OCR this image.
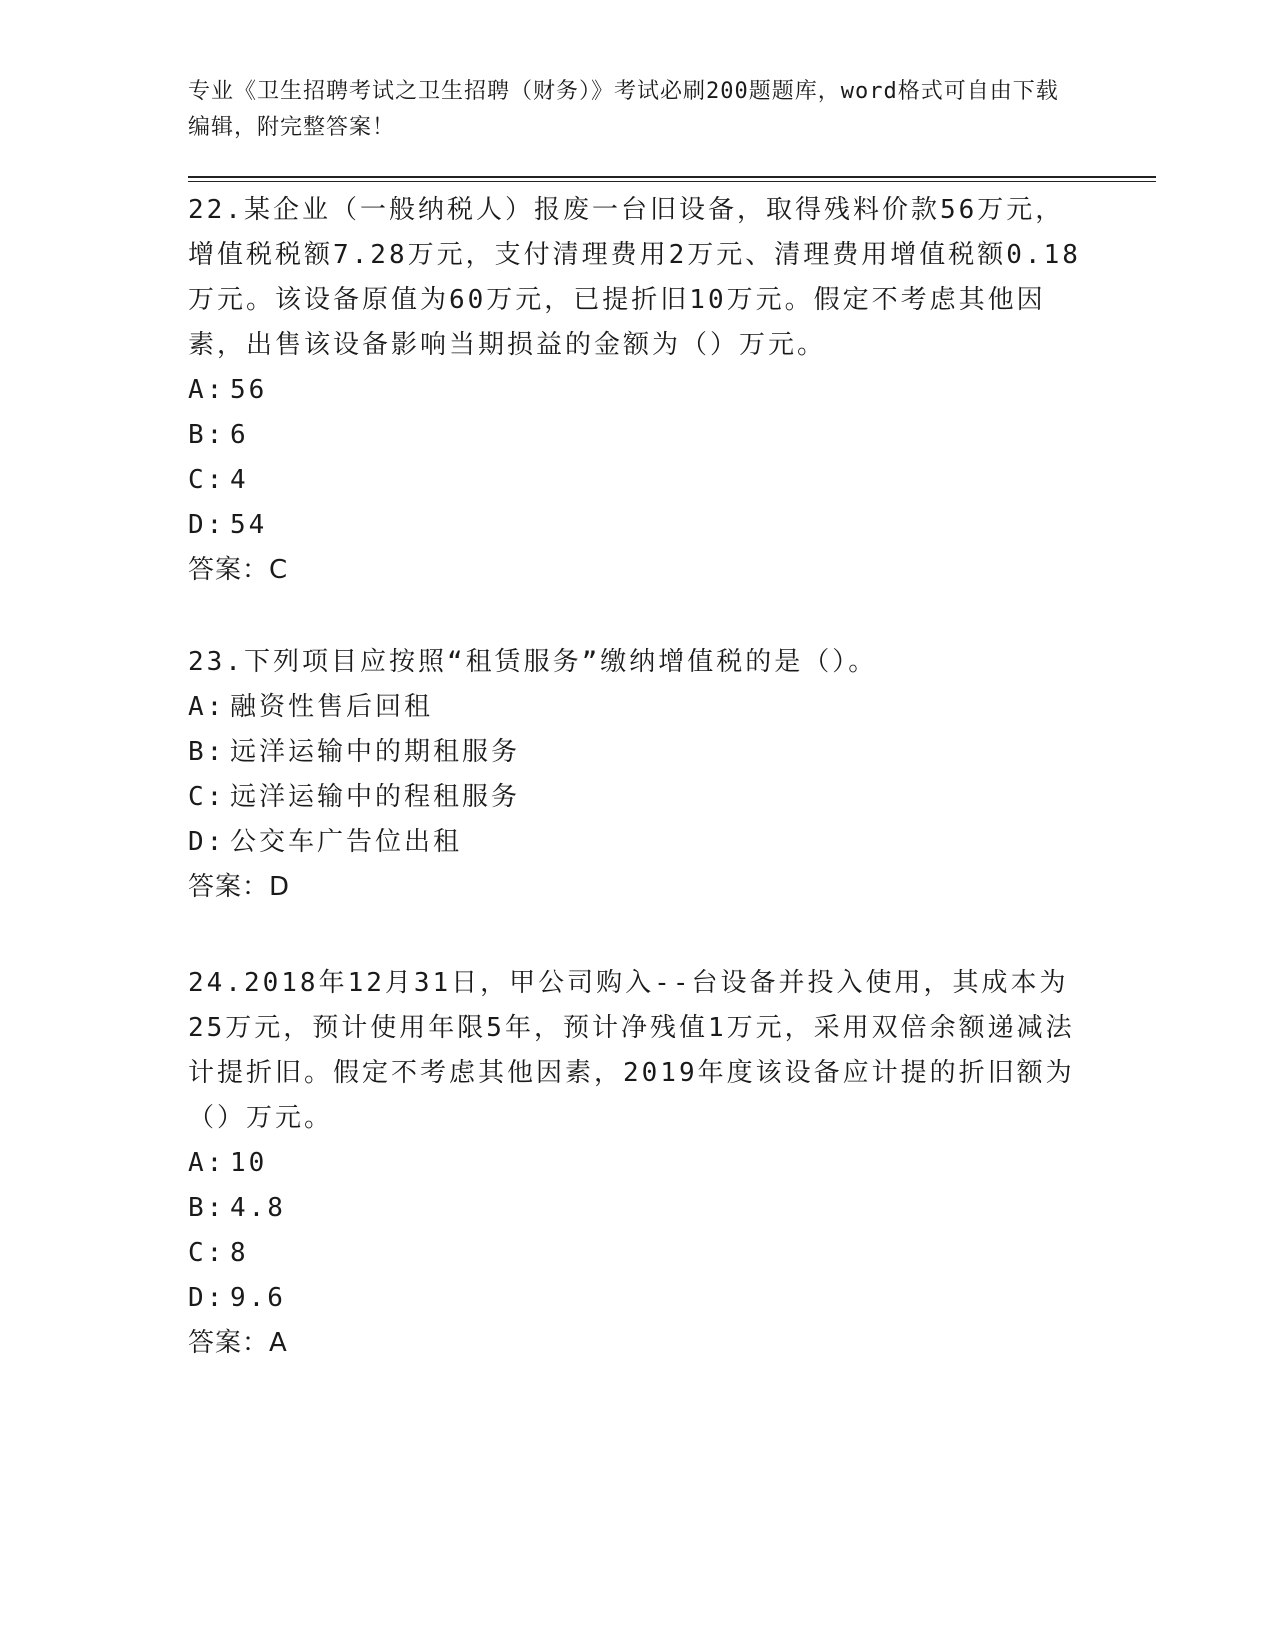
专业《卫生招聘考试之卫生招聘（财务）》考试必刷200题题库，word格式可自由下载编辑，附完整答案！

22.某企业（一般纳税人）报废一台旧设备，取得残料价款56万元，增值税税额7.28万元，支付清理费用2万元、清理费用增值税额0.18万元。该设备原值为60万元，已提折旧10万元。假定不考虑其他因素，出售该设备影响当期损益的金额为（）万元。

A: 56
B: 6
C: 4
D: 54
答案：C

23.下列项目应按照“租赁服务”缴纳增值税的是（）。

A: 融资性售后回租
B: 远洋运输中的期租服务
C: 远洋运输中的程租服务
D: 公交车广告位出租
答案：D

24.2018年12月31日，甲公司购入--台设备并投入使用，其成本为25万元，预计使用年限5年，预计净残值1万元，采用双倍余额递减法计提折旧。假定不考虑其他因素，2019年度该设备应计提的折旧额为（）万元。

A: 10
B: 4.8
C: 8
D: 9.6
答案：A
